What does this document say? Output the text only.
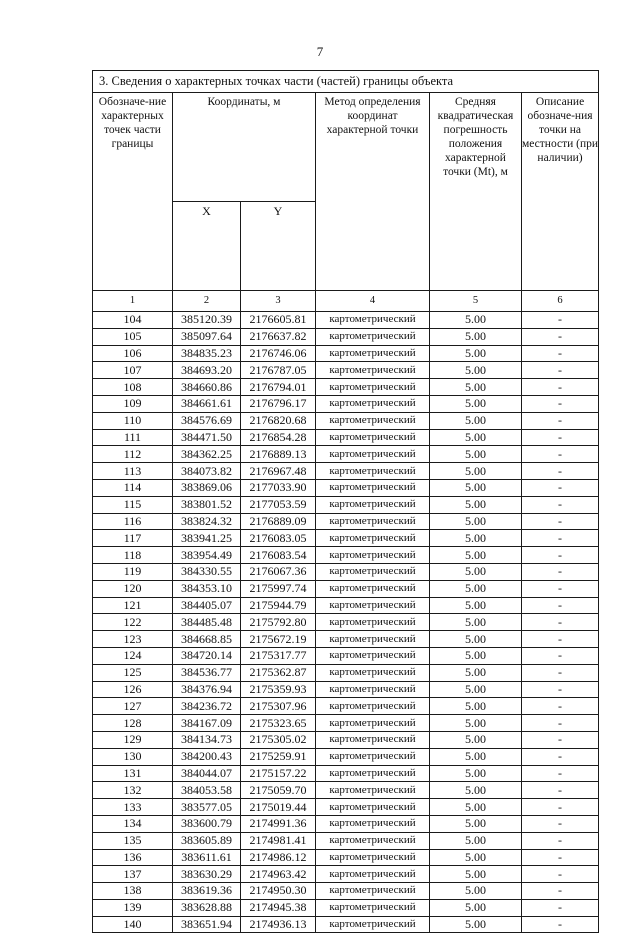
7
3. Сведения о характерных точках части (частей) границы объекта					
Обозначе-ние характерных точек части границы	Координаты, м		Метод определения координат характерной точки	Средняя квадратическая погрешность положения характерной точки (Mt), м	Описание обозначе-ния точки на местности (при наличии)
	X	Y			
1	2	3	4	5	6
104	385120.39	2176605.81	картометрический	5.00	-
105	385097.64	2176637.82	картометрический	5.00	-
106	384835.23	2176746.06	картометрический	5.00	-
107	384693.20	2176787.05	картометрический	5.00	-
108	384660.86	2176794.01	картометрический	5.00	-
109	384661.61	2176796.17	картометрический	5.00	-
110	384576.69	2176820.68	картометрический	5.00	-
111	384471.50	2176854.28	картометрический	5.00	-
112	384362.25	2176889.13	картометрический	5.00	-
113	384073.82	2176967.48	картометрический	5.00	-
114	383869.06	2177033.90	картометрический	5.00	-
115	383801.52	2177053.59	картометрический	5.00	-
116	383824.32	2176889.09	картометрический	5.00	-
117	383941.25	2176083.05	картометрический	5.00	-
118	383954.49	2176083.54	картометрический	5.00	-
119	384330.55	2176067.36	картометрический	5.00	-
120	384353.10	2175997.74	картометрический	5.00	-
121	384405.07	2175944.79	картометрический	5.00	-
122	384485.48	2175792.80	картометрический	5.00	-
123	384668.85	2175672.19	картометрический	5.00	-
124	384720.14	2175317.77	картометрический	5.00	-
125	384536.77	2175362.87	картометрический	5.00	-
126	384376.94	2175359.93	картометрический	5.00	-
127	384236.72	2175307.96	картометрический	5.00	-
128	384167.09	2175323.65	картометрический	5.00	-
129	384134.73	2175305.02	картометрический	5.00	-
130	384200.43	2175259.91	картометрический	5.00	-
131	384044.07	2175157.22	картометрический	5.00	-
132	384053.58	2175059.70	картометрический	5.00	-
133	383577.05	2175019.44	картометрический	5.00	-
134	383600.79	2174991.36	картометрический	5.00	-
135	383605.89	2174981.41	картометрический	5.00	-
136	383611.61	2174986.12	картометрический	5.00	-
137	383630.29	2174963.42	картометрический	5.00	-
138	383619.36	2174950.30	картометрический	5.00	-
139	383628.88	2174945.38	картометрический	5.00	-
140	383651.94	2174936.13	картометрический	5.00	-
